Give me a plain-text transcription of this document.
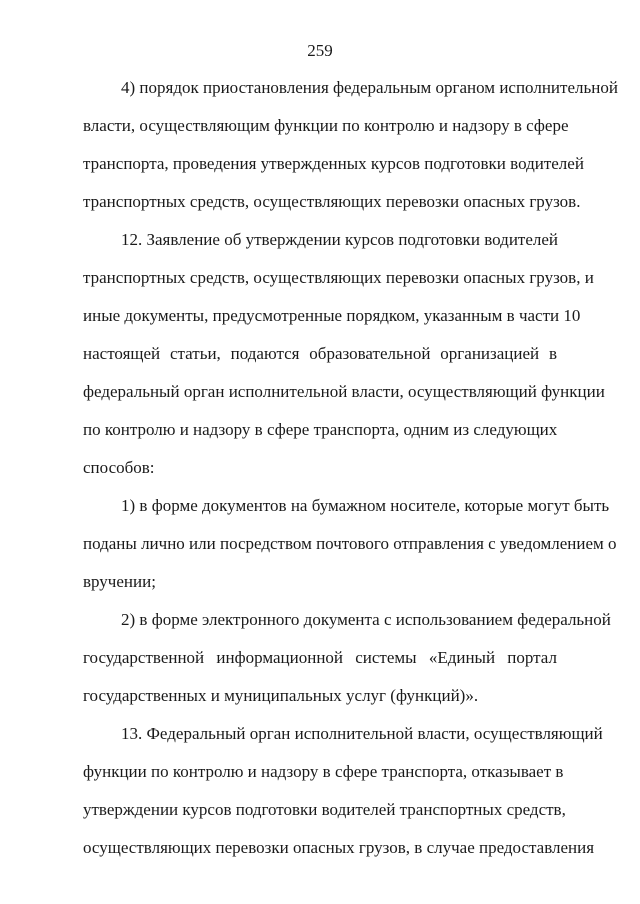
259
4) порядок приостановления федеральным органом исполнительной
власти, осуществляющим функции по контролю и надзору в сфере
транспорта, проведения утвержденных курсов подготовки водителей
транспортных средств, осуществляющих перевозки опасных грузов.
12. Заявление об утверждении курсов подготовки водителей
транспортных средств, осуществляющих перевозки опасных грузов, и
иные документы, предусмотренные порядком, указанным в части 10
настоящей статьи, подаются образовательной организацией в
федеральный орган исполнительной власти, осуществляющий функции
по контролю и надзору в сфере транспорта, одним из следующих
способов:
1) в форме документов на бумажном носителе, которые могут быть
поданы лично или посредством почтового отправления с уведомлением о
вручении;
2) в форме электронного документа с использованием федеральной
государственной информационной системы «Единый портал
государственных и муниципальных услуг (функций)».
13. Федеральный орган исполнительной власти, осуществляющий
функции по контролю и надзору в сфере транспорта, отказывает в
утверждении курсов подготовки водителей транспортных средств,
осуществляющих перевозки опасных грузов, в случае предоставления
